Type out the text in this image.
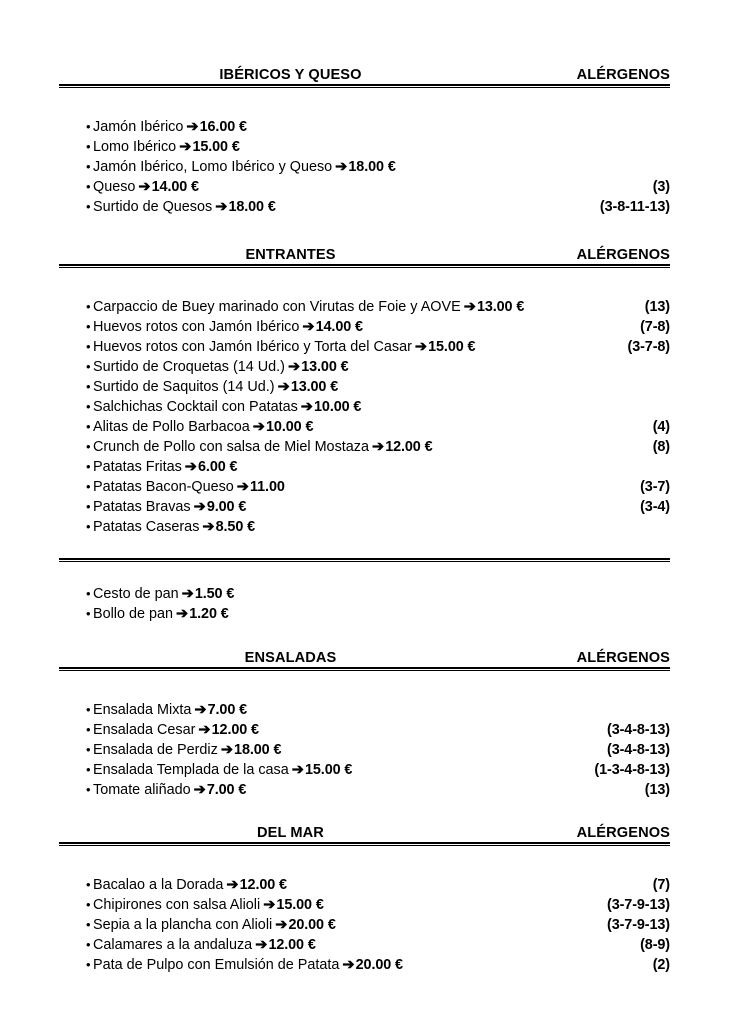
IBÉRICOS Y QUESO	ALÉRGENOS
•
Jamón Ibérico ➔16.00 €
•
Lomo Ibérico ➔15.00 €
•
Jamón Ibérico, Lomo Ibérico y Queso ➔18.00 €
•
Queso ➔14.00 €	(3)
•
Surtido de Quesos ➔18.00 €	(3-8-11-13)
ENTRANTES	ALÉRGENOS
•
Carpaccio de Buey marinado con Virutas de Foie y AOVE ➔13.00 €	(13)
•
Huevos rotos con Jamón Ibérico ➔14.00 €	(7-8)
•
Huevos rotos con Jamón Ibérico y Torta del Casar ➔15.00 €	(3-7-8)
•
Surtido de Croquetas (14 Ud.) ➔13.00 €
•
Surtido de Saquitos (14 Ud.) ➔13.00 €
•
Salchichas Cocktail con Patatas ➔10.00 €
•
Alitas de Pollo Barbacoa ➔10.00 €	(4)
•
Crunch de Pollo con salsa de Miel Mostaza ➔12.00 €	(8)
•
Patatas Fritas ➔6.00 €
•
Patatas Bacon-Queso ➔11.00	(3-7)
•
Patatas Bravas ➔9.00 €	(3-4)
•
Patatas Caseras ➔8.50 €
•
Cesto de pan ➔1.50 €
•
Bollo de pan ➔1.20 €
ENSALADAS	ALÉRGENOS
•
Ensalada Mixta ➔7.00 €
•
Ensalada Cesar ➔12.00 €	(3-4-8-13)
•
Ensalada de Perdiz ➔18.00 €	(3-4-8-13)
•
Ensalada Templada de la casa ➔15.00 €	(1-3-4-8-13)
•
Tomate aliñado ➔7.00 €	(13)
DEL MAR	ALÉRGENOS
•
Bacalao a la Dorada ➔12.00 €	(7)
•
Chipirones con salsa Alioli ➔15.00 €	(3-7-9-13)
•
Sepia a la plancha con Alioli ➔20.00 €	(3-7-9-13)
•
Calamares a la andaluza ➔12.00 €	(8-9)
•
Pata de Pulpo con Emulsión de Patata ➔20.00 €	(2)
